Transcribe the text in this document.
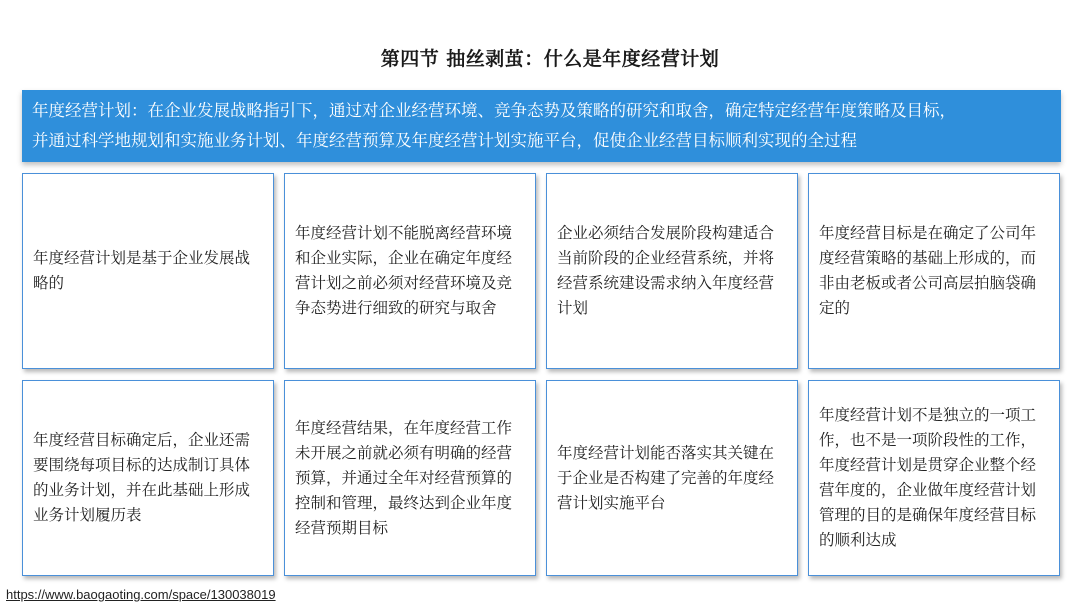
第四节 抽丝剥茧：什么是年度经营计划
年度经营计划：在企业发展战略指引下，通过对企业经营环境、竞争态势及策略的研究和取舍，确定特定经营年度策略及目标，
并通过科学地规划和实施业务计划、年度经营预算及年度经营计划实施平台，促使企业经营目标顺利实现的全过程
年度经营计划是基于企业发展战略的
年度经营计划不能脱离经营环境和企业实际，企业在确定年度经营计划之前必须对经营环境及竞争态势进行细致的研究与取舍
企业必须结合发展阶段构建适合当前阶段的企业经营系统，并将经营系统建设需求纳入年度经营计划
年度经营目标是在确定了公司年度经营策略的基础上形成的，而非由老板或者公司高层拍脑袋确定的
年度经营目标确定后，企业还需要围绕每项目标的达成制订具体的业务计划，并在此基础上形成业务计划履历表
年度经营结果，在年度经营工作未开展之前就必须有明确的经营预算，并通过全年对经营预算的控制和管理，最终达到企业年度经营预期目标
年度经营计划能否落实其关键在于企业是否构建了完善的年度经营计划实施平台
年度经营计划不是独立的一项工作，也不是一项阶段性的工作，年度经营计划是贯穿企业整个经营年度的，企业做年度经营计划管理的目的是确保年度经营目标的顺利达成
https://www.baogaoting.com/space/130038019
